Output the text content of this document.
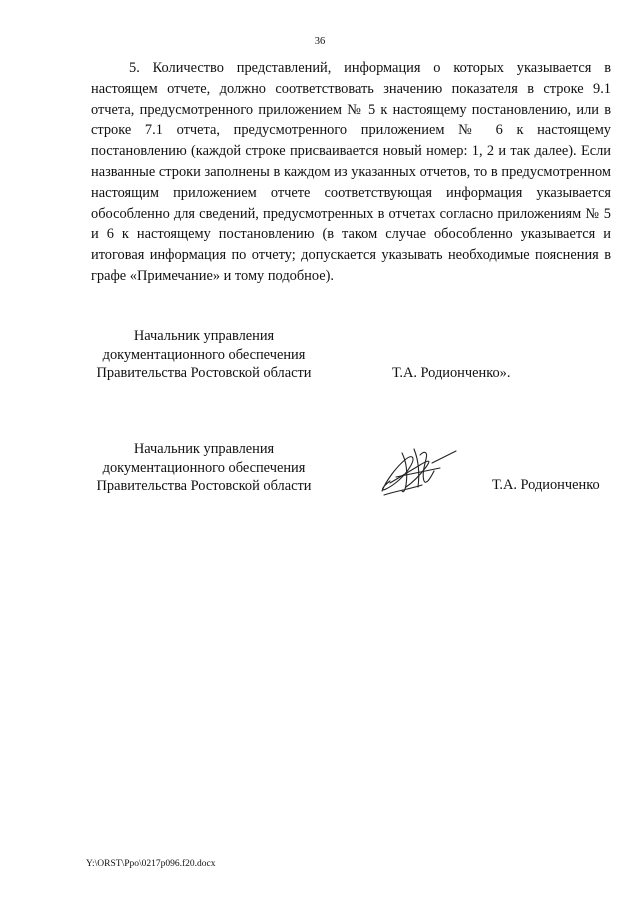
36

5. Количество представлений, информация о которых указывается в настоящем отчете, должно соответствовать значению показателя в строке 9.1 отчета, предусмотренного приложением № 5 к настоящему постановлению, или в строке 7.1 отчета, предусмотренного приложением № 6 к настоящему постановлению (каждой строке присваивается новый номер: 1, 2 и так далее). Если названные строки заполнены в каждом из указанных отчетов, то в предусмотренном настоящим приложением отчете соответствующая информация указывается обособленно для сведений, предусмотренных в отчетах согласно приложениям № 5 и 6 к настоящему постановлению (в таком случае обособленно указывается и итоговая информация по отчету; допускается указывать необходимые пояснения в графе «Примечание» и тому подобное).

Начальник управления
документационного обеспечения
Правительства Ростовской области	Т.А. Родионченко».
Начальник управления
документационного обеспечения
Правительства Ростовской области	Т.А. Родионченко
Y:\ORST\Ppo\0217p096.f20.docx
